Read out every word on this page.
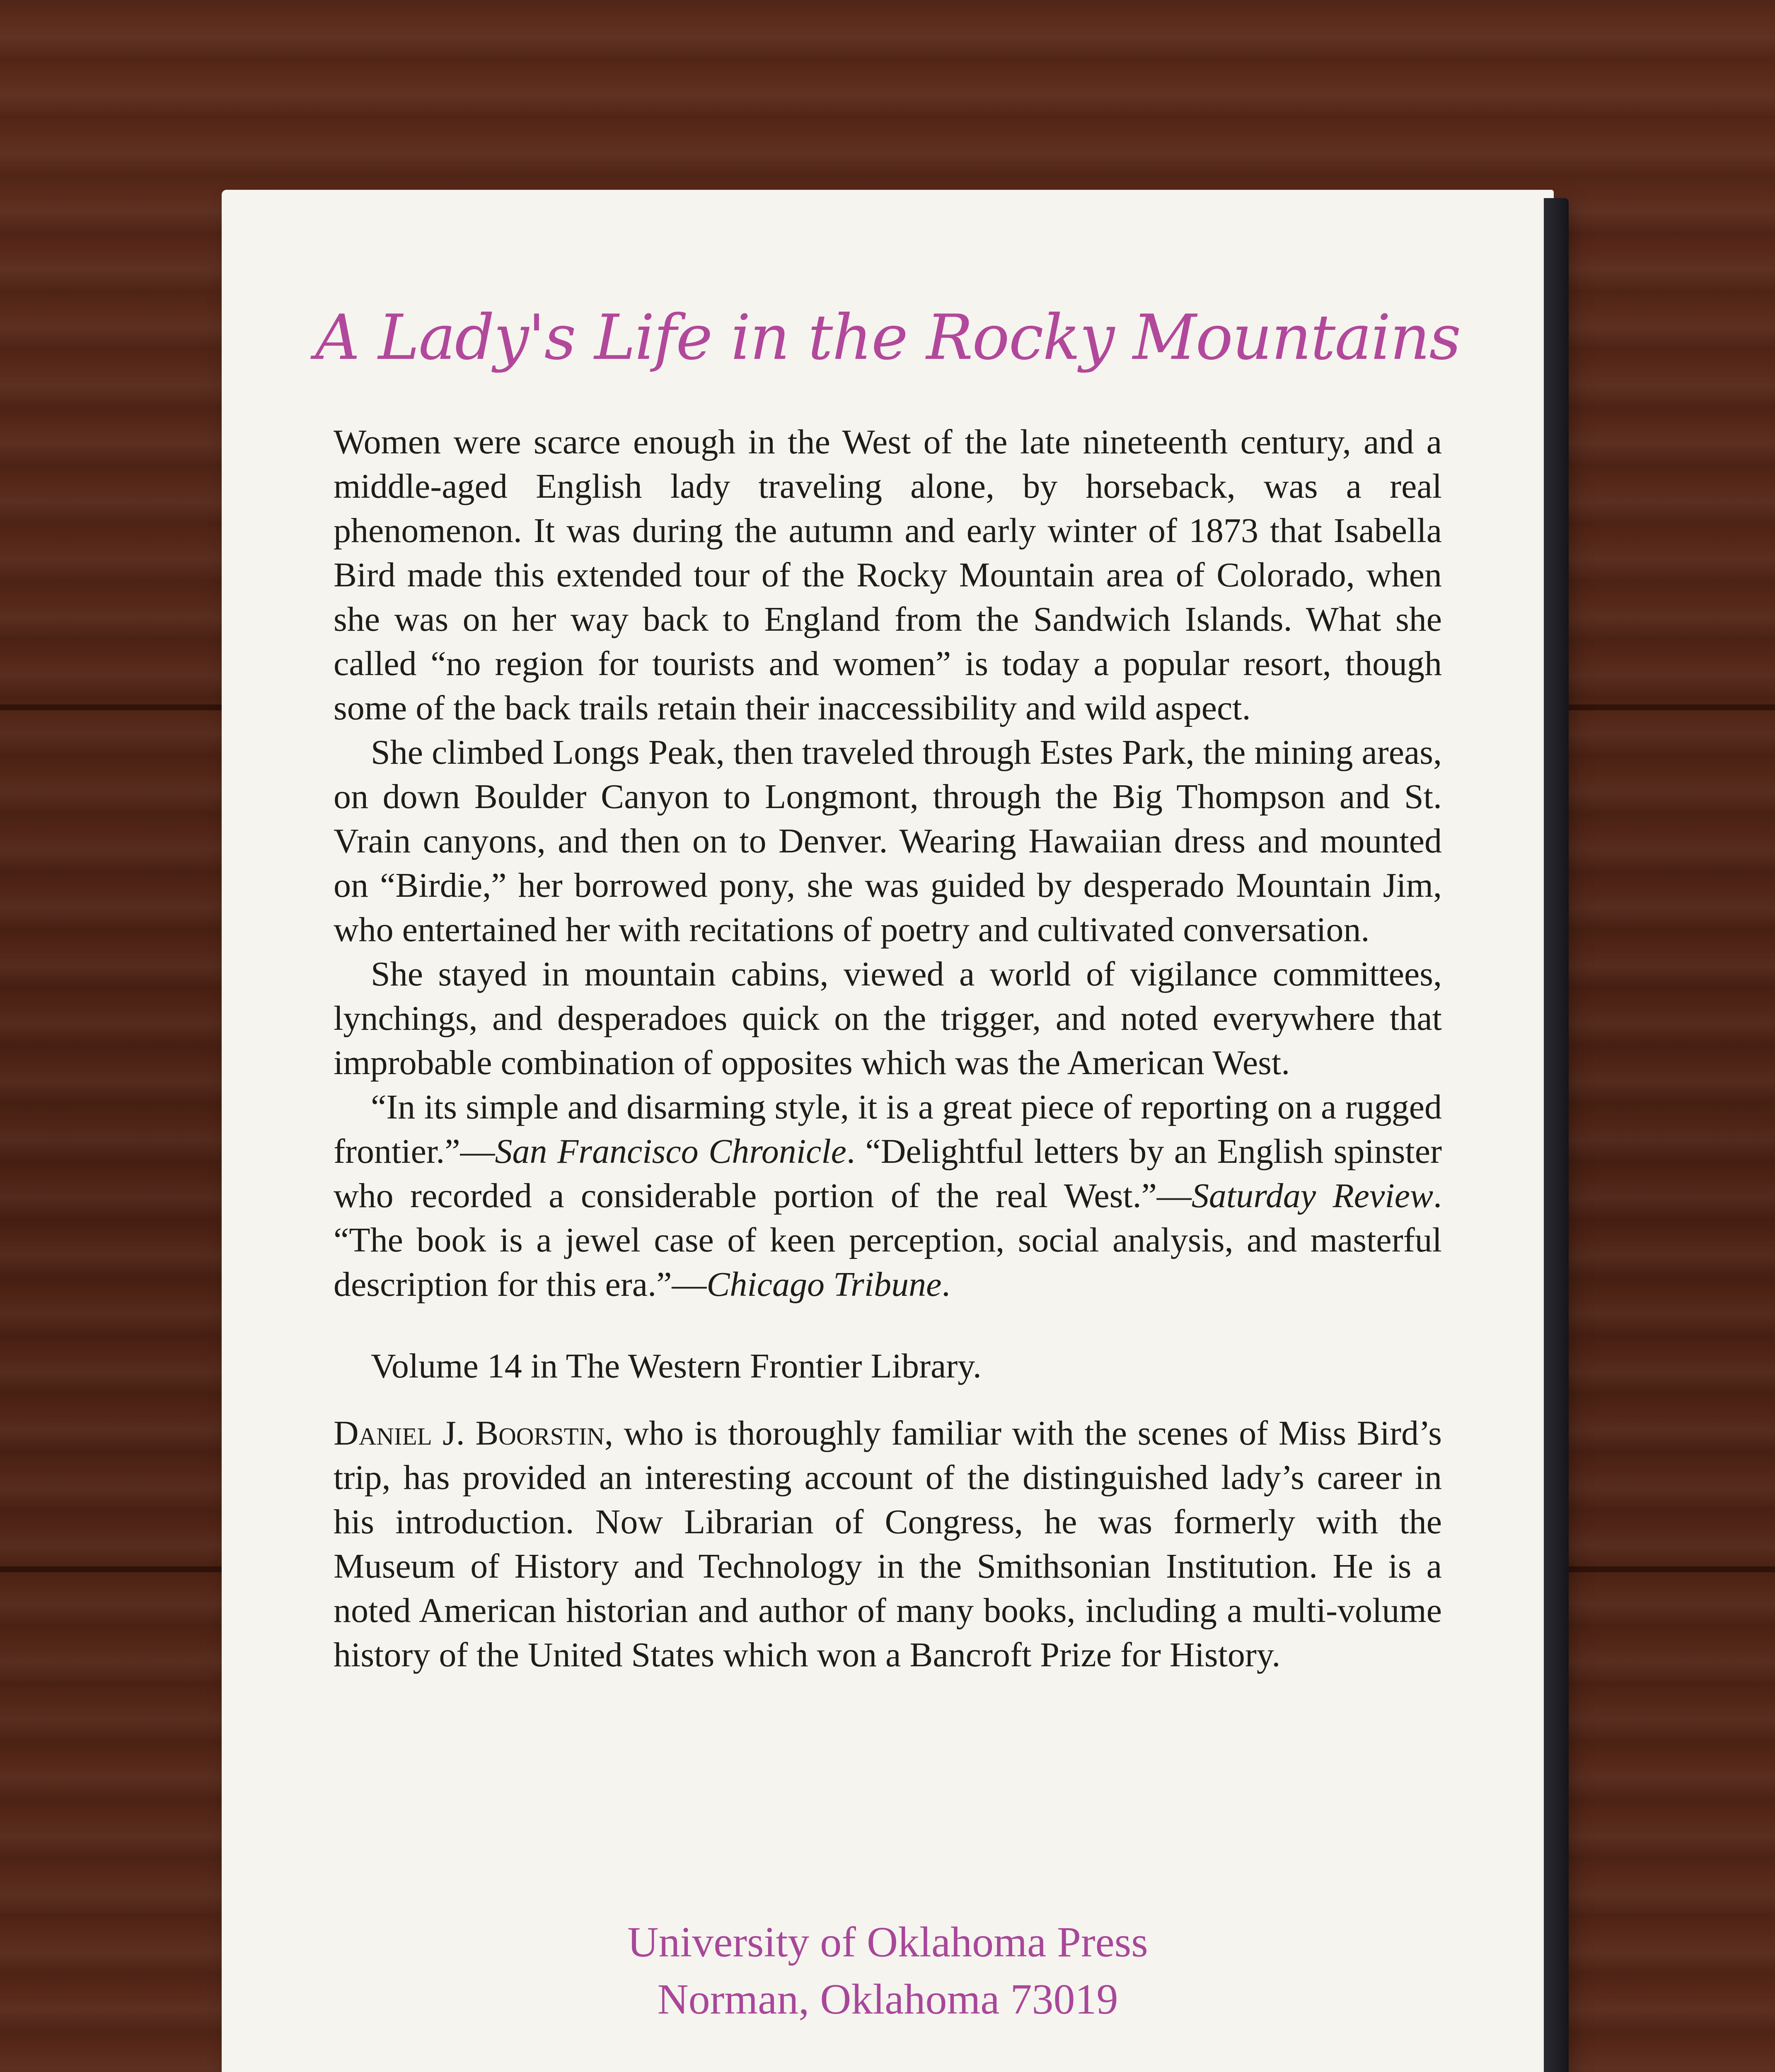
A Lady's Life in the Rocky Mountains

Women were scarce enough in the West of the late nineteenth century, and a middle-aged English lady traveling alone, by horseback, was a real phenomenon. It was during the autumn and early winter of 1873 that Isabella Bird made this extended tour of the Rocky Mountain area of Colorado, when she was on her way back to England from the Sandwich Islands. What she called “no region for tourists and women” is today a popular resort, though some of the back trails retain their inaccessibility and wild aspect.

She climbed Longs Peak, then traveled through Estes Park, the mining areas, on down Boulder Canyon to Longmont, through the Big Thompson and St. Vrain canyons, and then on to Denver. Wearing Hawaiian dress and mounted on “Birdie,” her borrowed pony, she was guided by desperado Mountain Jim, who entertained her with recitations of poetry and cultivated conversation.

She stayed in mountain cabins, viewed a world of vigilance committees, lynchings, and desperadoes quick on the trigger, and noted everywhere that improbable combination of opposites which was the American West.

“In its simple and disarming style, it is a great piece of reporting on a rugged frontier.”—San Francisco Chronicle. “Delightful letters by an English spinster who recorded a considerable portion of the real West.”—Saturday Review. “The book is a jewel case of keen perception, social analysis, and masterful description for this era.”—Chicago Tribune.

Volume 14 in The Western Frontier Library.

Daniel J. Boorstin, who is thoroughly familiar with the scenes of Miss Bird’s trip, has provided an interesting account of the distinguished lady’s career in his introduction. Now Librarian of Congress, he was formerly with the Museum of History and Technology in the Smithsonian Institution. He is a noted American historian and author of many books, including a multi-volume history of the United States which won a Bancroft Prize for History.

University of Oklahoma Press
Norman, Oklahoma 73019
